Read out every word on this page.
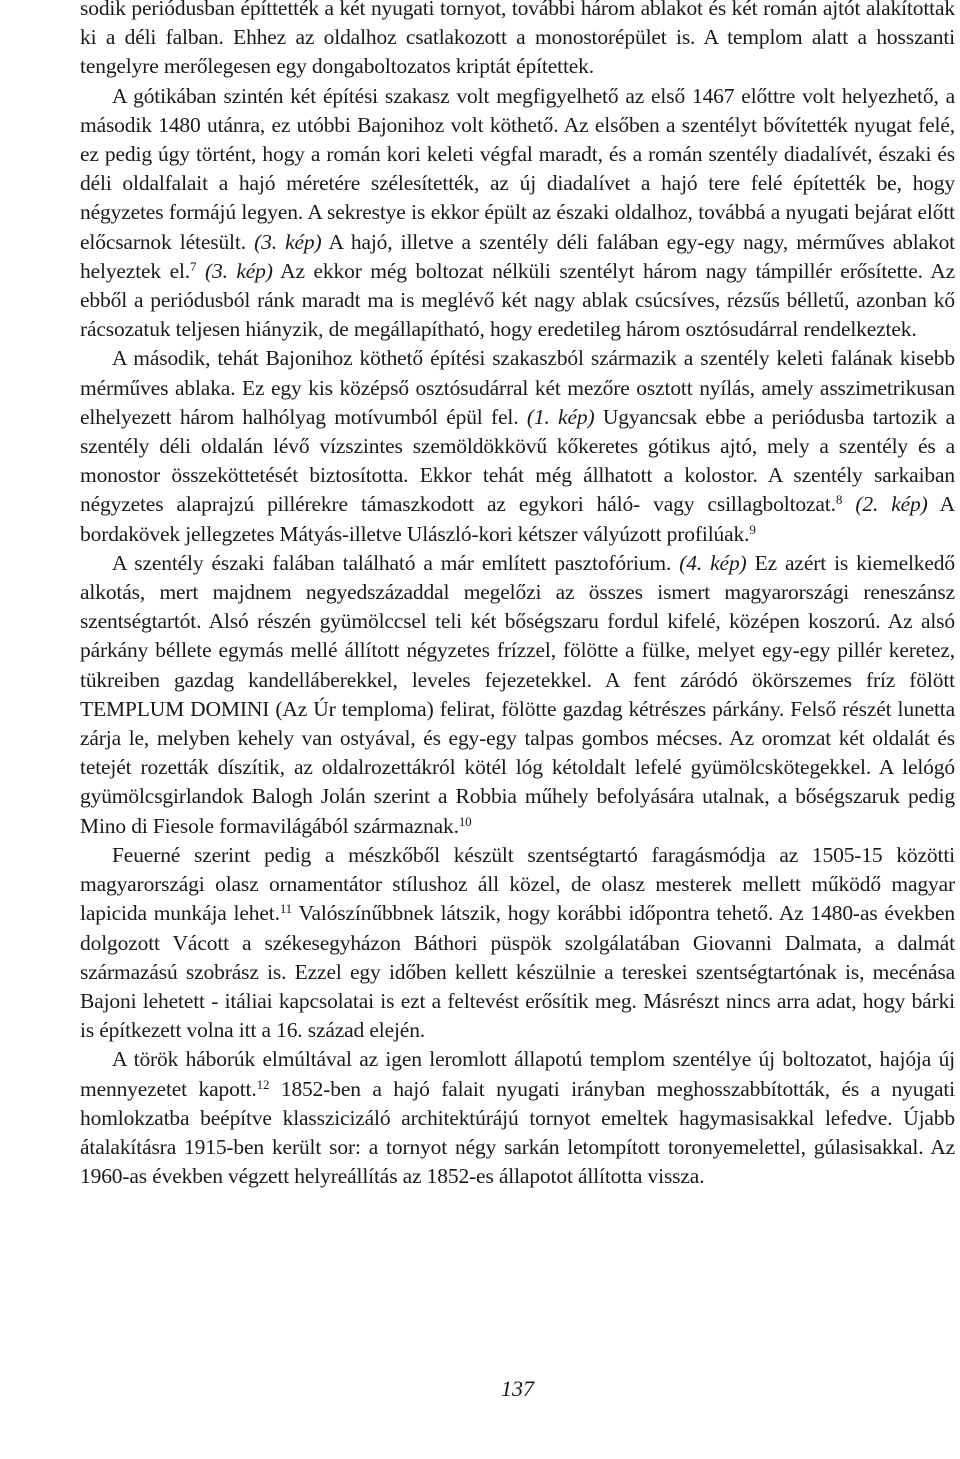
sodik periódusban építtették a két nyugati tornyot, további három ablakot és két román ajtót alakítottak ki a déli falban. Ehhez az oldalhoz csatlakozott a monostorépület is. A templom alatt a hosszanti tengelyre merőlegesen egy dongaboltozatos kriptát építettek.

A gótikában szintén két építési szakasz volt megfigyelhető az első 1467 előttre volt helyezhető, a második 1480 utánra, ez utóbbi Bajonihoz volt köthető. Az elsőben a szentélyt bővítették nyugat felé, ez pedig úgy történt, hogy a román kori keleti végfal maradt, és a román szentély diadalívét, északi és déli oldalfalait a hajó méretére szélesítették, az új diadalívet a hajó tere felé építették be, hogy négyzetes formájú legyen. A sekrestye is ekkor épült az északi oldalhoz, továbbá a nyugati bejárat előtt előcsarnok létesült. (3. kép) A hajó, illetve a szentély déli falában egy-egy nagy, mérműves ablakot helyeztek el.$^7$ (3. kép) Az ekkor még boltozat nélküli szentélyt három nagy támpillér erősítette. Az ebből a periódusból ránk maradt ma is meglévő két nagy ablak csúcsíves, rézsűs bélletű, azonban kő rácsozatuk teljesen hiányzik, de megállapítható, hogy eredetileg három osztósudárral rendelkeztek.

A második, tehát Bajonihoz köthető építési szakaszból származik a szentély keleti falának kisebb mérműves ablaka. Ez egy kis középső osztósudárral két mezőre osztott nyílás, amely asszimetrikusan elhelyezett három halhólyag motívumból épül fel. (1. kép) Ugyancsak ebbe a periódusba tartozik a szentély déli oldalán lévő vízszintes szemöldökkövű kőkeretes gótikus ajtó, mely a szentély és a monostor összeköttetését biztosította. Ekkor tehát még állhatott a kolostor. A szentély sarkaiban négyzetes alaprajzú pillérekre támaszkodott az egykori háló- vagy csillagboltozat.$^8$ (2. kép) A bordakövek jellegzetes Mátyás-illetve Ulászló-kori kétszer vályúzott profilúak.$^9$

A szentély északi falában található a már említett pasztofórium. (4. kép) Ez azért is kiemelkedő alkotás, mert majdnem negyedszázaddal megelőzi az összes ismert magyarországi reneszánsz szentségtartót. Alsó részén gyümölccsel teli két bőségszaru fordul kifelé, középen koszorú. Az alsó párkány béllete egymás mellé állított négyzetes frízzel, fölötte a fülke, melyet egy-egy pillér keretez, tükreiben gazdag kandelláberekkel, leveles fejezetekkel. A fent záródó ökörszemes fríz fölött TEMPLUM DOMINI (Az Úr temploma) felirat, fölötte gazdag kétrészes párkány. Felső részét lunetta zárja le, melyben kehely van ostyával, és egy-egy talpas gombos mécses. Az oromzat két oldalát és tetejét rozetták díszítik, az oldalrozettákról kötél lóg kétoldalt lefelé gyümölcskötegekkel. A lelógó gyümölcsgirlandok Balogh Jolán szerint a Robbia műhely befolyására utalnak, a bőségszaruk pedig Mino di Fiesole formavilágából származnak.$^{10}$

Feuerné szerint pedig a mészkőből készült szentségtartó faragásmódja az 1505-15 közötti magyarországi olasz ornamentátor stílushoz áll közel, de olasz mesterek mellett működő magyar lapicida munkája lehet.$^{11}$ Valószínűbbnek látszik, hogy korábbi időpontra tehető. Az 1480-as években dolgozott Vácott a székesegyházon Báthori püspök szolgálatában Giovanni Dalmata, a dalmát származású szobrász is. Ezzel egy időben kellett készülnie a tereskei szentségtartónak is, mecénása Bajoni lehetett - itáliai kapcsolatai is ezt a feltevést erősítik meg. Másrészt nincs arra adat, hogy bárki is építkezett volna itt a 16. század elején.

A török háborúk elmúltával az igen leromlott állapotú templom szentélye új boltozatot, hajója új mennyezetet kapott.$^{12}$ 1852-ben a hajó falait nyugati irányban meghosszabbították, és a nyugati homlokzatba beépítve klasszicizáló architektúrájú tornyot emeltek hagymasisakkal lefedve. Újabb átalakításra 1915-ben került sor: a tornyot négy sarkán letompított toronyemelettel, gúlasisakkal. Az 1960-as években végzett helyreállítás az 1852-es állapotot állította vissza.

137
